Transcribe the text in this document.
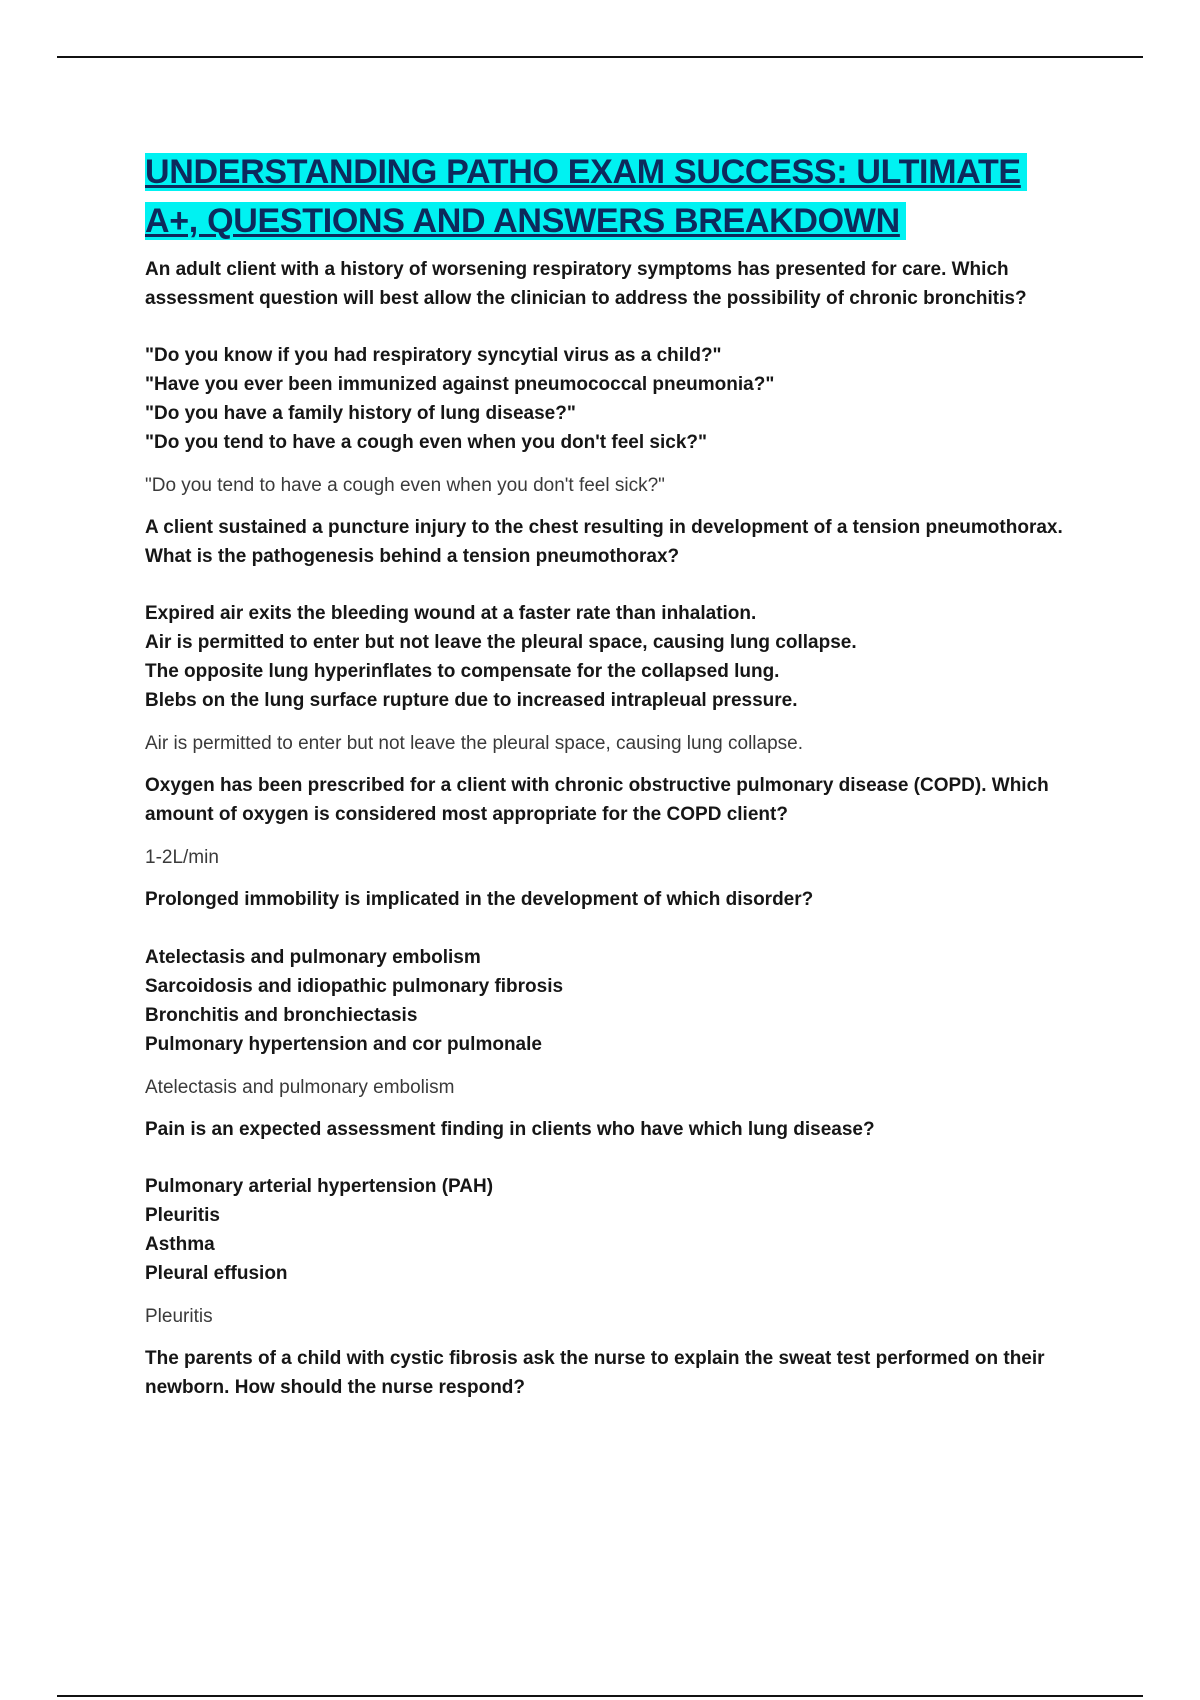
UNDERSTANDING PATHO EXAM SUCCESS: ULTIMATE
A+, QUESTIONS AND ANSWERS BREAKDOWN

An adult client with a history of worsening respiratory symptoms has presented for care. Which assessment question will best allow the clinician to address the possibility of chronic bronchitis?

"Do you know if you had respiratory syncytial virus as a child?"
"Have you ever been immunized against pneumococcal pneumonia?"
"Do you have a family history of lung disease?"
"Do you tend to have a cough even when you don't feel sick?"

"Do you tend to have a cough even when you don't feel sick?"

A client sustained a puncture injury to the chest resulting in development of a tension pneumothorax. What is the pathogenesis behind a tension pneumothorax?

Expired air exits the bleeding wound at a faster rate than inhalation.
Air is permitted to enter but not leave the pleural space, causing lung collapse.
The opposite lung hyperinflates to compensate for the collapsed lung.
Blebs on the lung surface rupture due to increased intrapleual pressure.

Air is permitted to enter but not leave the pleural space, causing lung collapse.

Oxygen has been prescribed for a client with chronic obstructive pulmonary disease (COPD). Which amount of oxygen is considered most appropriate for the COPD client?

1-2L/min

Prolonged immobility is implicated in the development of which disorder?

Atelectasis and pulmonary embolism
Sarcoidosis and idiopathic pulmonary fibrosis
Bronchitis and bronchiectasis
Pulmonary hypertension and cor pulmonale

Atelectasis and pulmonary embolism

Pain is an expected assessment finding in clients who have which lung disease?

Pulmonary arterial hypertension (PAH)
Pleuritis
Asthma
Pleural effusion

Pleuritis

The parents of a child with cystic fibrosis ask the nurse to explain the sweat test performed on their newborn. How should the nurse respond?
